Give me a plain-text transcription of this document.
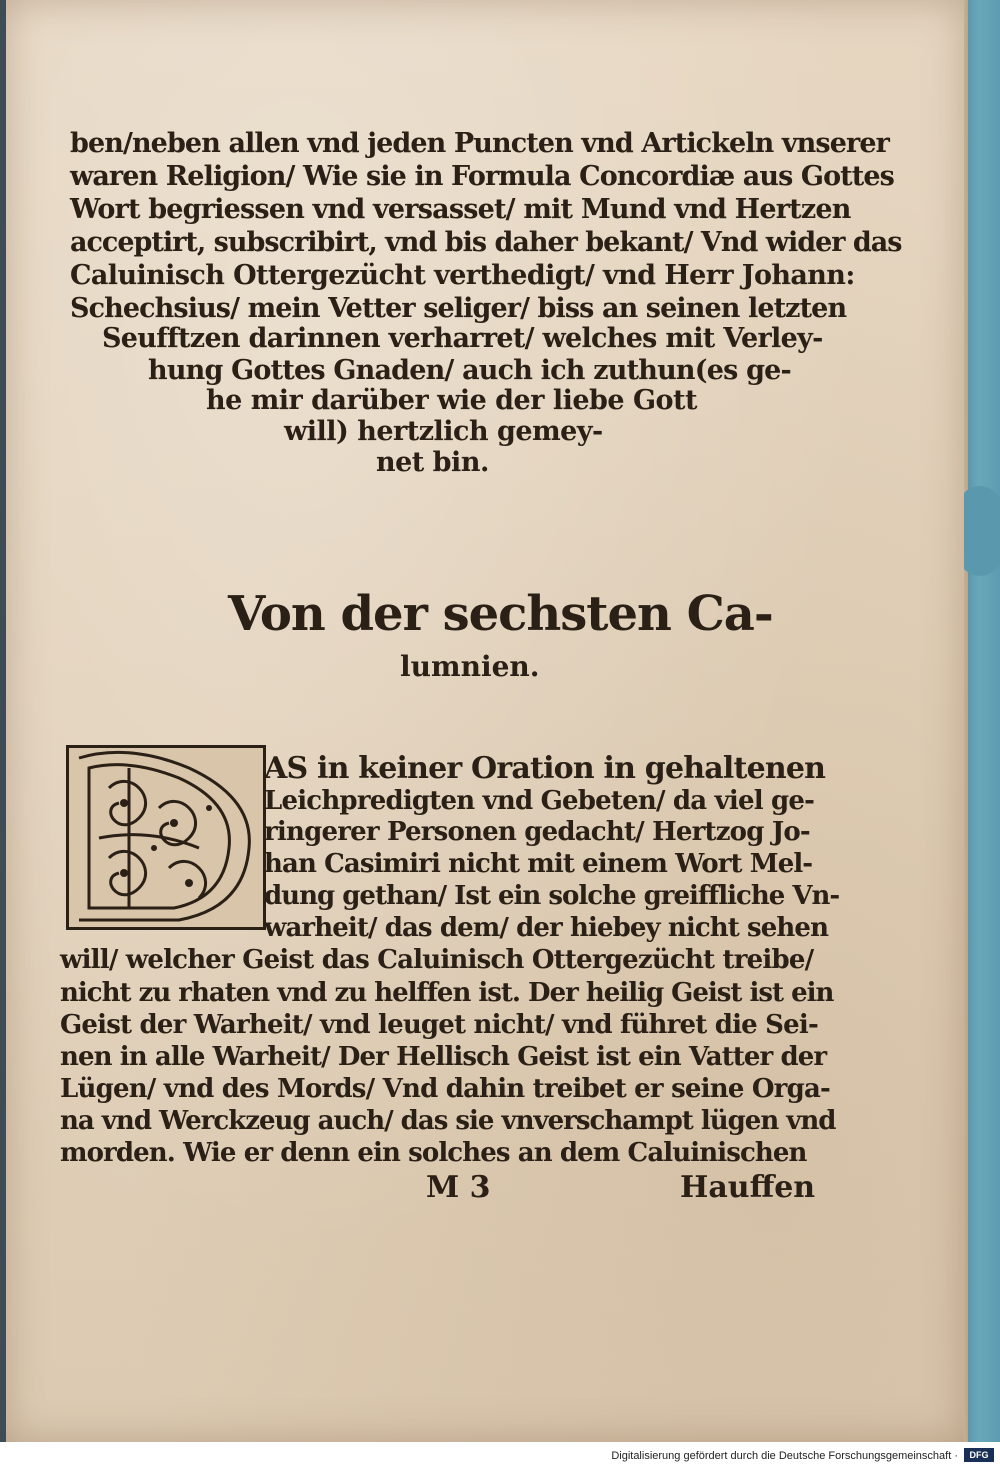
ben/neben allen vnd jeden Puncten vnd Artickeln vnserer
waren Religion/ Wie sie in Formula Concordiæ aus Gottes
Wort begriessen vnd versasset/ mit Mund vnd Hertzen
acceptirt, subscribirt, vnd bis daher bekant/ Vnd wider das
Caluinisch Ottergezücht verthedigt/ vnd Herr Johann:
Schechsius/ mein Vetter seliger/ biss an seinen letzten
Seufftzen darinnen verharret/ welches mit Verley-
hung Gottes Gnaden/ auch ich zuthun(es ge-
he mir darüber wie der liebe Gott
will) hertzlich gemey-
net bin.
Von der sechsten Ca-
lumnien.
AS in keiner Oration in gehaltenen
Leichpredigten vnd Gebeten/ da viel ge-
ringerer Personen gedacht/ Hertzog Jo-
han Casimiri nicht mit einem Wort Mel-
dung gethan/ Ist ein solche greiffliche Vn-
warheit/ das dem/ der hiebey nicht sehen
will/ welcher Geist das Caluinisch Ottergezücht treibe/
nicht zu rhaten vnd zu helffen ist. Der heilig Geist ist ein
Geist der Warheit/ vnd leuget nicht/ vnd führet die Sei-
nen in alle Warheit/ Der Hellisch Geist ist ein Vatter der
Lügen/ vnd des Mords/ Vnd dahin treibet er seine Orga-
na vnd Werckzeug auch/ das sie vnverschampt lügen vnd
morden. Wie er denn ein solches an dem Caluinischen
M 3	Hauffen
Digitalisierung gefördert durch die Deutsche Forschungsgemeinschaft ·	DFG
